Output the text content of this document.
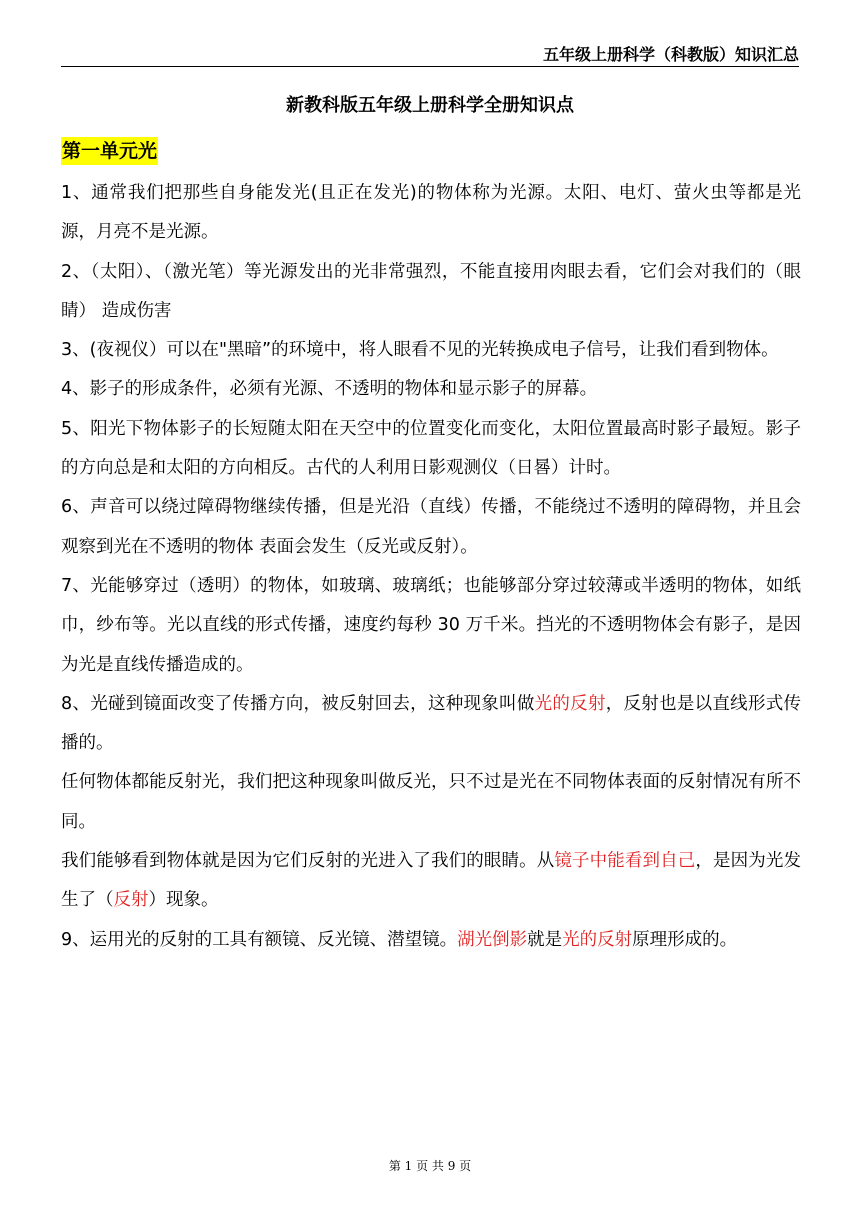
五年级上册科学（科教版）知识汇总
新教科版五年级上册科学全册知识点
第一单元光

1、通常我们把那些自身能发光(且正在发光)的物体称为光源。太阳、电灯、萤火虫等都是光源，月亮不是光源。

2、（太阳）、（激光笔）等光源发出的光非常强烈，不能直接用肉眼去看，它们会对我们的（眼睛） 造成伤害

3、(夜视仪）可以在"黑暗”的环境中，将人眼看不见的光转换成电子信号，让我们看到物体。

4、影子的形成条件，必须有光源、不透明的物体和显示影子的屏幕。

5、阳光下物体影子的长短随太阳在天空中的位置变化而变化，太阳位置最高时影子最短。影子的方向总是和太阳的方向相反。古代的人利用日影观测仪（日晷）计时。

6、声音可以绕过障碍物继续传播，但是光沿（直线）传播，不能绕过不透明的障碍物，并且会观察到光在不透明的物体 表面会发生（反光或反射）。

7、光能够穿过（透明）的物体，如玻璃、玻璃纸；也能够部分穿过较薄或半透明的物体，如纸巾，纱布等。光以直线的形式传播，速度约每秒 30 万千米。挡光的不透明物体会有影子，是因为光是直线传播造成的。

8、光碰到镜面改变了传播方向，被反射回去，这种现象叫做光的反射，反射也是以直线形式传播的。

任何物体都能反射光，我们把这种现象叫做反光，只不过是光在不同物体表面的反射情况有所不同。

我们能够看到物体就是因为它们反射的光进入了我们的眼睛。从镜子中能看到自己，是因为光发生了（反射）现象。

9、运用光的反射的工具有额镜、反光镜、潜望镜。湖光倒影就是光的反射原理形成的。

第 1 页 共 9 页
